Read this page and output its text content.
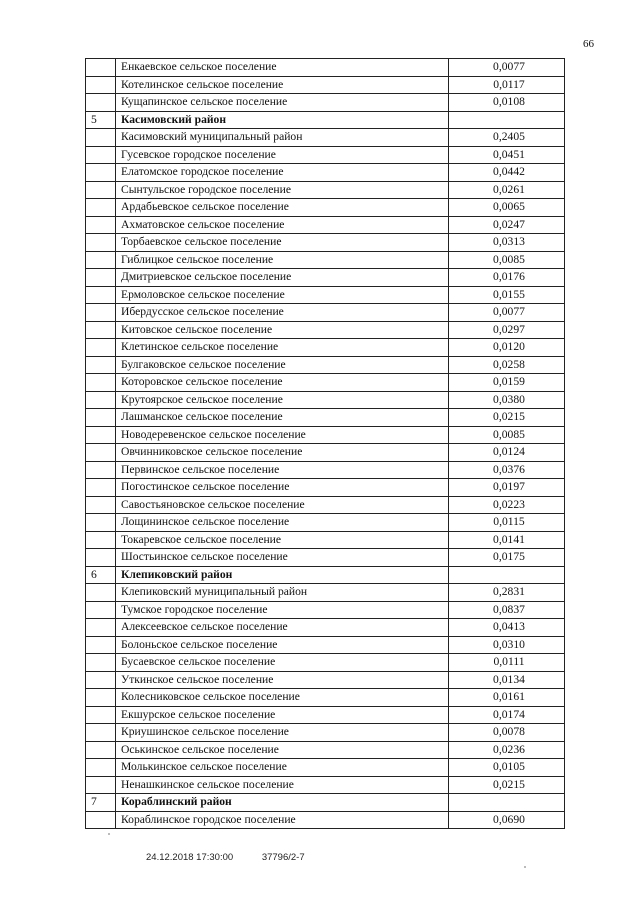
66
	Енкаевское сельское поселение	0,0077
	Котелинское сельское поселение	0,0117
	Кущапинское сельское поселение	0,0108
5	Касимовский район	
	Касимовский муниципальный район	0,2405
	Гусевское городское поселение	0,0451
	Елатомское городское поселение	0,0442
	Сынтульское городское поселение	0,0261
	Ардабьевское сельское поселение	0,0065
	Ахматовское сельское поселение	0,0247
	Торбаевское сельское поселение	0,0313
	Гиблицкое сельское поселение	0,0085
	Дмитриевское сельское поселение	0,0176
	Ермоловское сельское поселение	0,0155
	Ибердусское сельское поселение	0,0077
	Китовское сельское поселение	0,0297
	Клетинское сельское поселение	0,0120
	Булгаковское сельское поселение	0,0258
	Которовское сельское поселение	0,0159
	Крутоярское сельское поселение	0,0380
	Лашманское сельское поселение	0,0215
	Новодеревенское сельское поселение	0,0085
	Овчинниковское сельское поселение	0,0124
	Первинское сельское поселение	0,0376
	Погостинское сельское поселение	0,0197
	Савостьяновское сельское поселение	0,0223
	Лощининское сельское поселение	0,0115
	Токаревское сельское поселение	0,0141
	Шостьинское сельское поселение	0,0175
6	Клепиковский район	
	Клепиковский муниципальный район	0,2831
	Тумское городское поселение	0,0837
	Алексеевское сельское поселение	0,0413
	Болоньское сельское поселение	0,0310
	Бусаевское сельское поселение	0,0111
	Уткинское сельское поселение	0,0134
	Колесниковское сельское поселение	0,0161
	Екшурское сельское поселение	0,0174
	Криушинское сельское поселение	0,0078
	Оськинское сельское поселение	0,0236
	Молькинское сельское поселение	0,0105
	Ненашкинское сельское поселение	0,0215
7	Кораблинский район	
	Кораблинское городское поселение	0,0690
24.12.2018 17:30:00	37796/2-7
